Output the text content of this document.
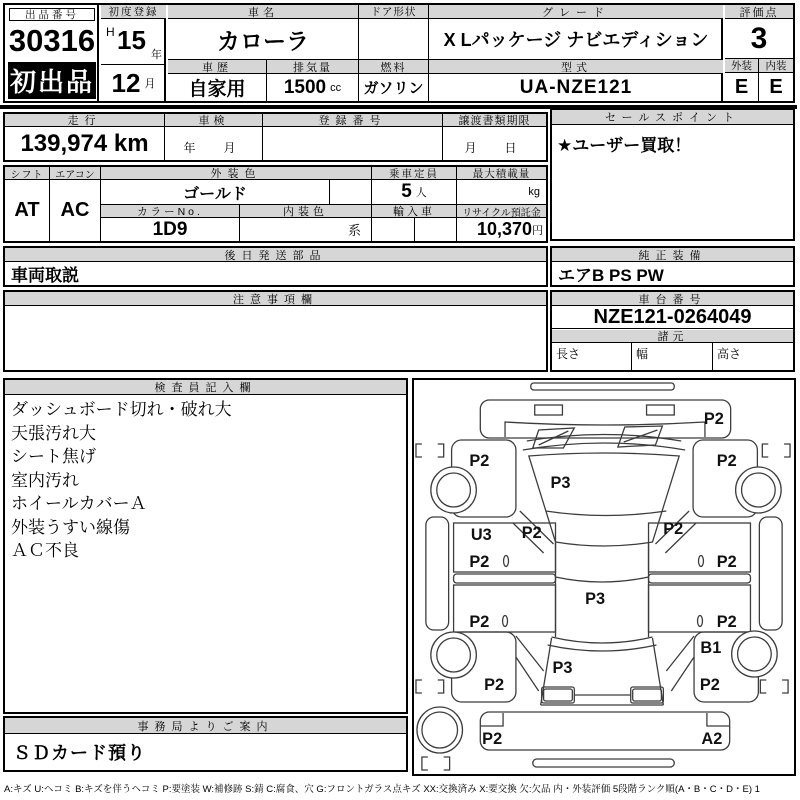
出品番号
30316
初出品
初度登録
H 15 年
12 月
車名	ドア形状	グレード
カローラ	X Lパッケージ ナビエディション
車歴	排気量	燃料	型式
自家用	1500 cc ガソリン	UA-NZE121
評価点
3
外装	内装
E	E
走行
139,974 km
車検
年　月
登録番号	譲渡書類期限
月　日
セールスポイント
★ユーザー買取！
シフト
AT
エアコン
AC
外装色
ゴールド
カラーNo.	内装色
1D9	系
乗車定員
5 人
輸入車
最大積載量
kg
リサイクル預託金
10,370 円
後日発送部品
車両取説
純正装備
エアB PS PW
注意事項欄	車台番号
NZE121-0264049
諸元
長さ	幅	高さ
検査員記入欄
ダッシュボード切れ・破れ大
天張汚れ大
シート焦げ
室内汚れ
ホイールカバーＡ
外装うすい線傷
ＡＣ不良
事務局よりご案内
ＳＤカード預り
P2
P2	P2
P3
P2	P2
U3
P2	P2
P2	P2
P3
P2
B1
P2
P3
P2	A2
A:キズ U:ヘコミ B:キズを伴うヘコミ P:要塗装 W:補修跡 S:錆 C:腐食、穴 G:フロントガラス点キズ XX:交換済み X:要交換 欠:欠品 内・外装評価 5段階ランク順(A・B・C・D・E) 1
